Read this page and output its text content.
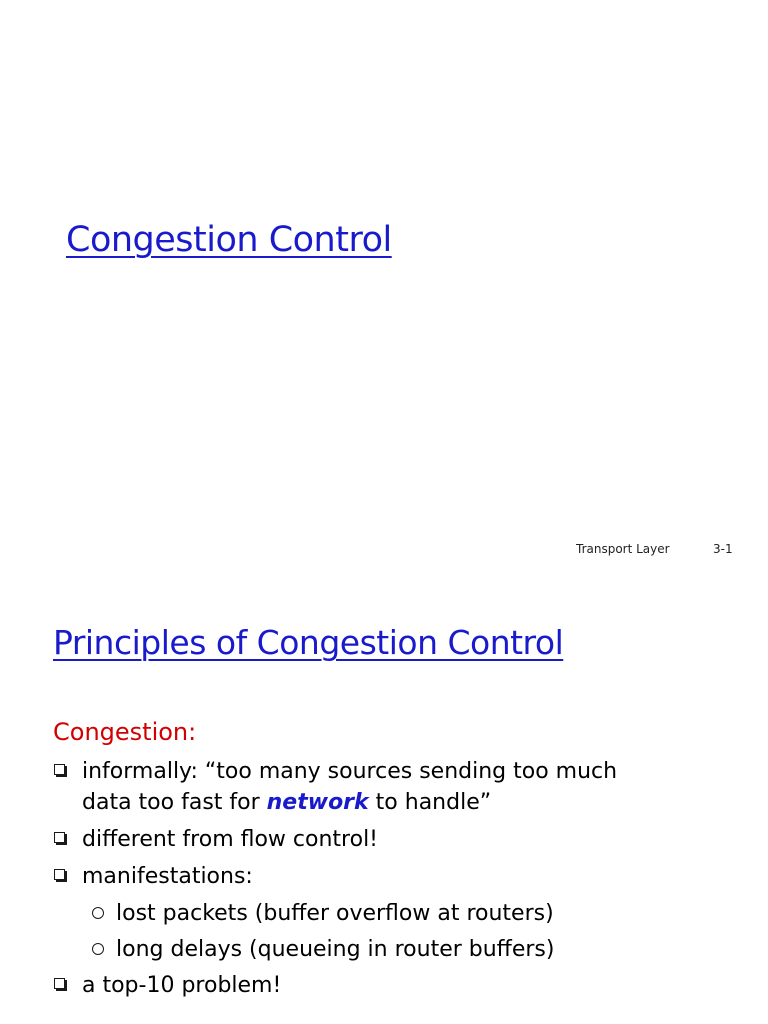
Congestion Control
Transport Layer	3-1
Principles of Congestion Control
Congestion:
informally: “too many sources sending too much
data too fast for network to handle”
different from flow control!
manifestations:
lost packets (buffer overflow at routers)
long delays (queueing in router buffers)
a top-10 problem!
